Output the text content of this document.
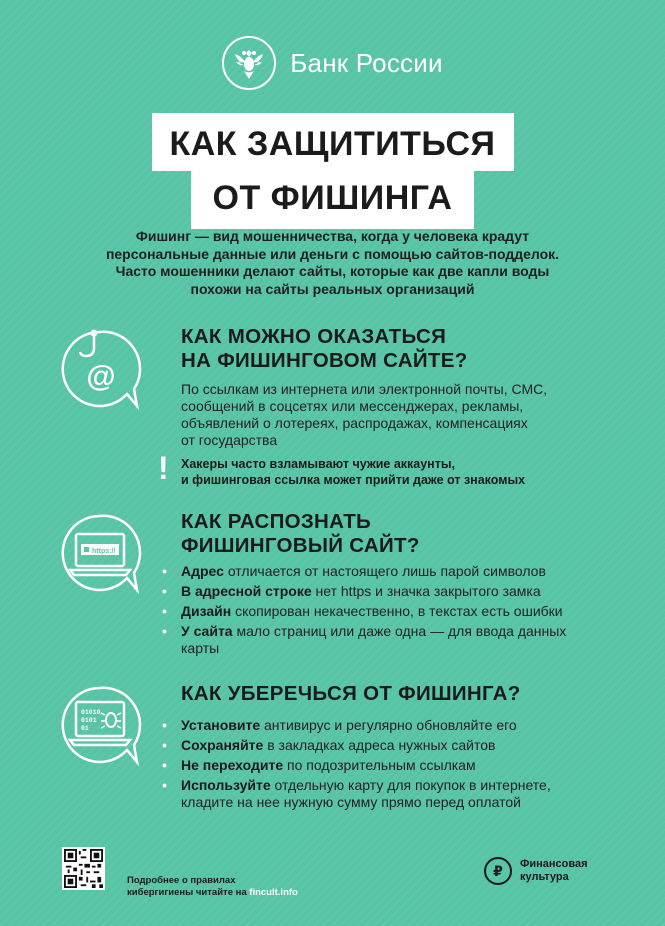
Банк России
КАК ЗАЩИТИТЬСЯ
ОТ ФИШИНГА
Фишинг — вид мошенничества, когда у человека крадут
персональные данные или деньги с помощью сайтов-подделок.
Часто мошенники делают сайты, которые как две капли воды
похожи на сайты реальных организаций
@
КАК МОЖНО ОКАЗАТЬСЯ
НА ФИШИНГОВОМ САЙТЕ?
По ссылкам из интернета или электронной почты, СМС,
сообщений в соцсетях или мессенджерах, рекламы,
объявлений о лотереях, распродажах, компенсациях
от государства
! Хакеры часто взламывают чужие аккаунты,
и фишинговая ссылка может прийти даже от знакомых
https://
КАК РАСПОЗНАТЬ
ФИШИНГОВЫЙ САЙТ?
• Адрес отличается от настоящего лишь парой символов
• В адресной строке нет https и значка закрытого замка
• Дизайн скопирован некачественно, в текстах есть ошибки
• У сайта мало страниц или даже одна — для ввода данных карты
01010
0101
01
КАК УБЕРЕЧЬСЯ ОТ ФИШИНГА?
• Установите антивирус и регулярно обновляйте его
• Сохраняйте в закладках адреса нужных сайтов
• Не переходите по подозрительным ссылкам
• Используйте отдельную карту для покупок в интернете, кладите на нее нужную сумму прямо перед оплатой
Подробнее о правилах
кибергигиены читайте на fincult.info
₽	Финансовая
культура
